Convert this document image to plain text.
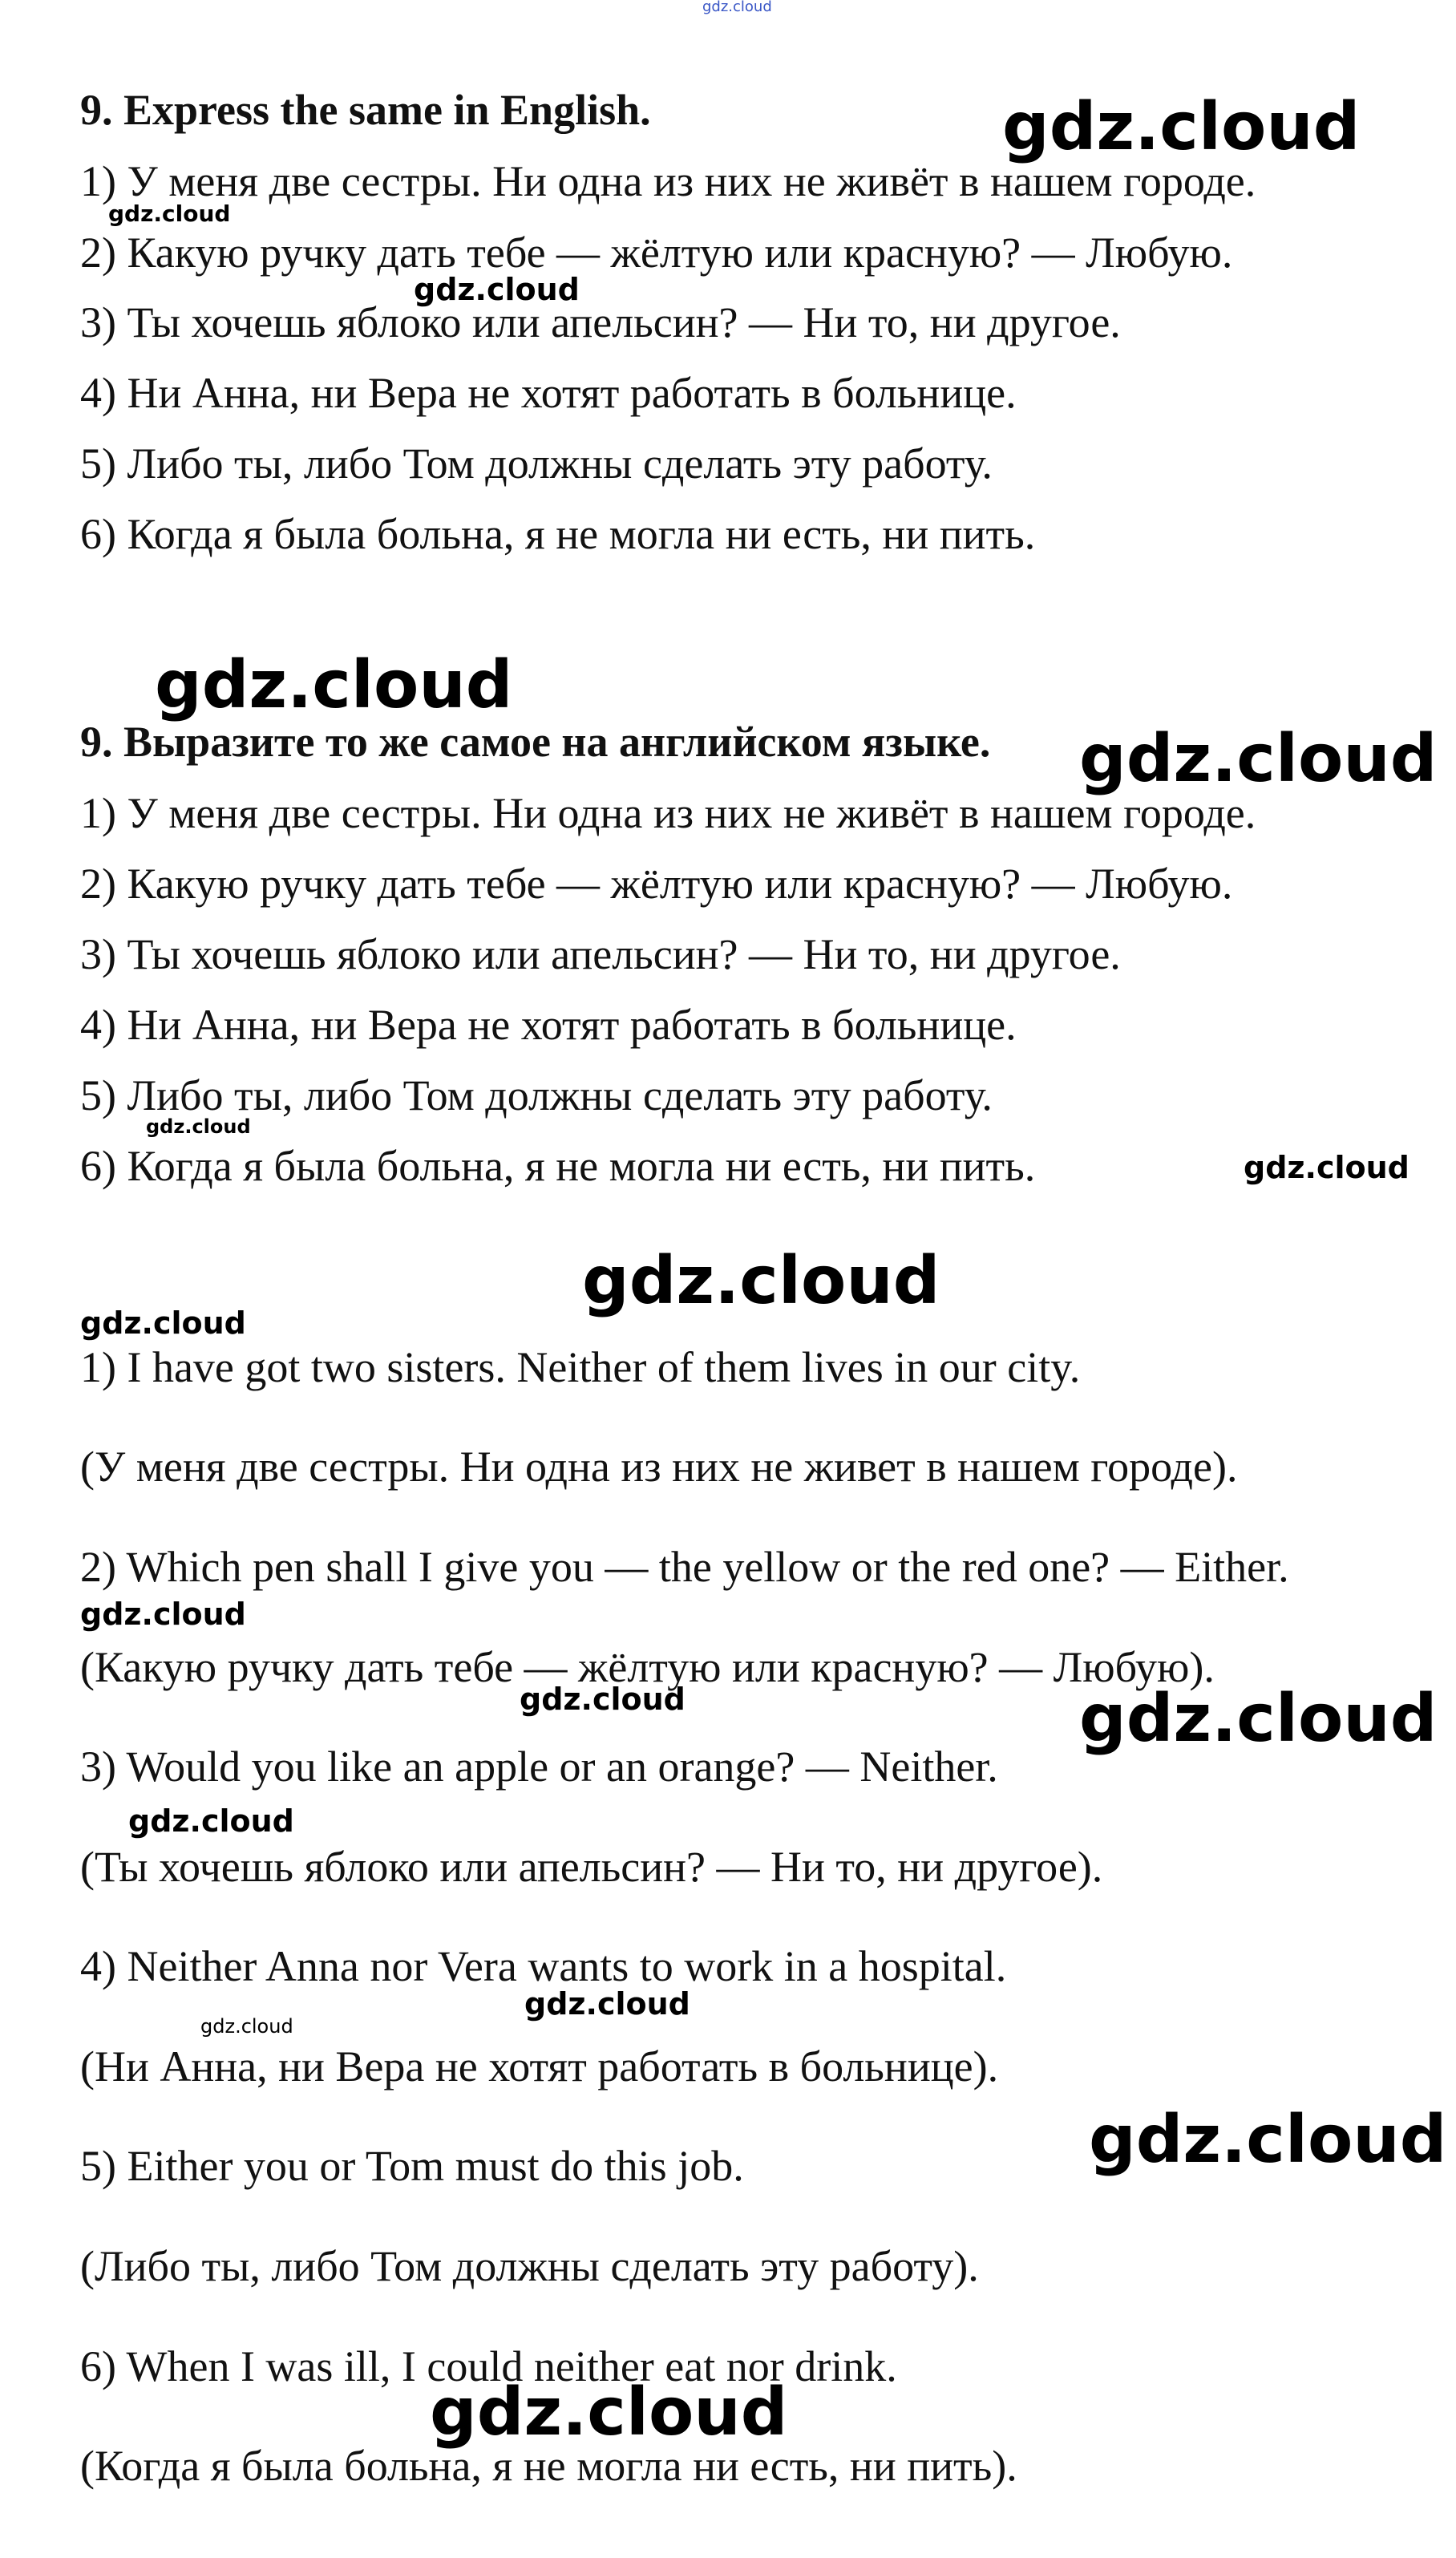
gdz.cloud
9. Express the same in English.
1) У меня две сестры. Ни одна из них не живёт в нашем городе.
2) Какую ручку дать тебе — жёлтую или красную? — Любую.
3) Ты хочешь яблоко или апельсин? — Ни то, ни другое.
4) Ни Анна, ни Вера не хотят работать в больнице.
5) Либо ты, либо Том должны сделать эту работу.
6) Когда я была больна, я не могла ни есть, ни пить.
9. Выразите то же самое на английском языке.
1) У меня две сестры. Ни одна из них не живёт в нашем городе.
2) Какую ручку дать тебе — жёлтую или красную? — Любую.
3) Ты хочешь яблоко или апельсин? — Ни то, ни другое.
4) Ни Анна, ни Вера не хотят работать в больнице.
5) Либо ты, либо Том должны сделать эту работу.
6) Когда я была больна, я не могла ни есть, ни пить.
1) I have got two sisters. Neither of them lives in our city.
(У меня две сестры. Ни одна из них не живет в нашем городе).
2) Which pen shall I give you — the yellow or the red one? — Either.
(Какую ручку дать тебе — жёлтую или красную? — Любую).
3) Would you like an apple or an orange? — Neither.
(Ты хочешь яблоко или апельсин? — Ни то, ни другое).
4) Neither Anna nor Vera wants to work in a hospital.
(Ни Анна, ни Вера не хотят работать в больнице).
5) Either you or Tom must do this job.
(Либо ты, либо Том должны сделать эту работу).
6) When I was ill, I could neither eat nor drink.
(Когда я была больна, я не могла ни есть, ни пить).
gdz.cloud
gdz.cloud
gdz.cloud
gdz.cloud
gdz.cloud
gdz.cloud
gdz.cloud
gdz.cloud
gdz.cloud
gdz.cloud
gdz.cloud	gdz.cloud
gdz.cloud
gdz.cloud
gdz.cloud
gdz.cloud
gdz.cloud
